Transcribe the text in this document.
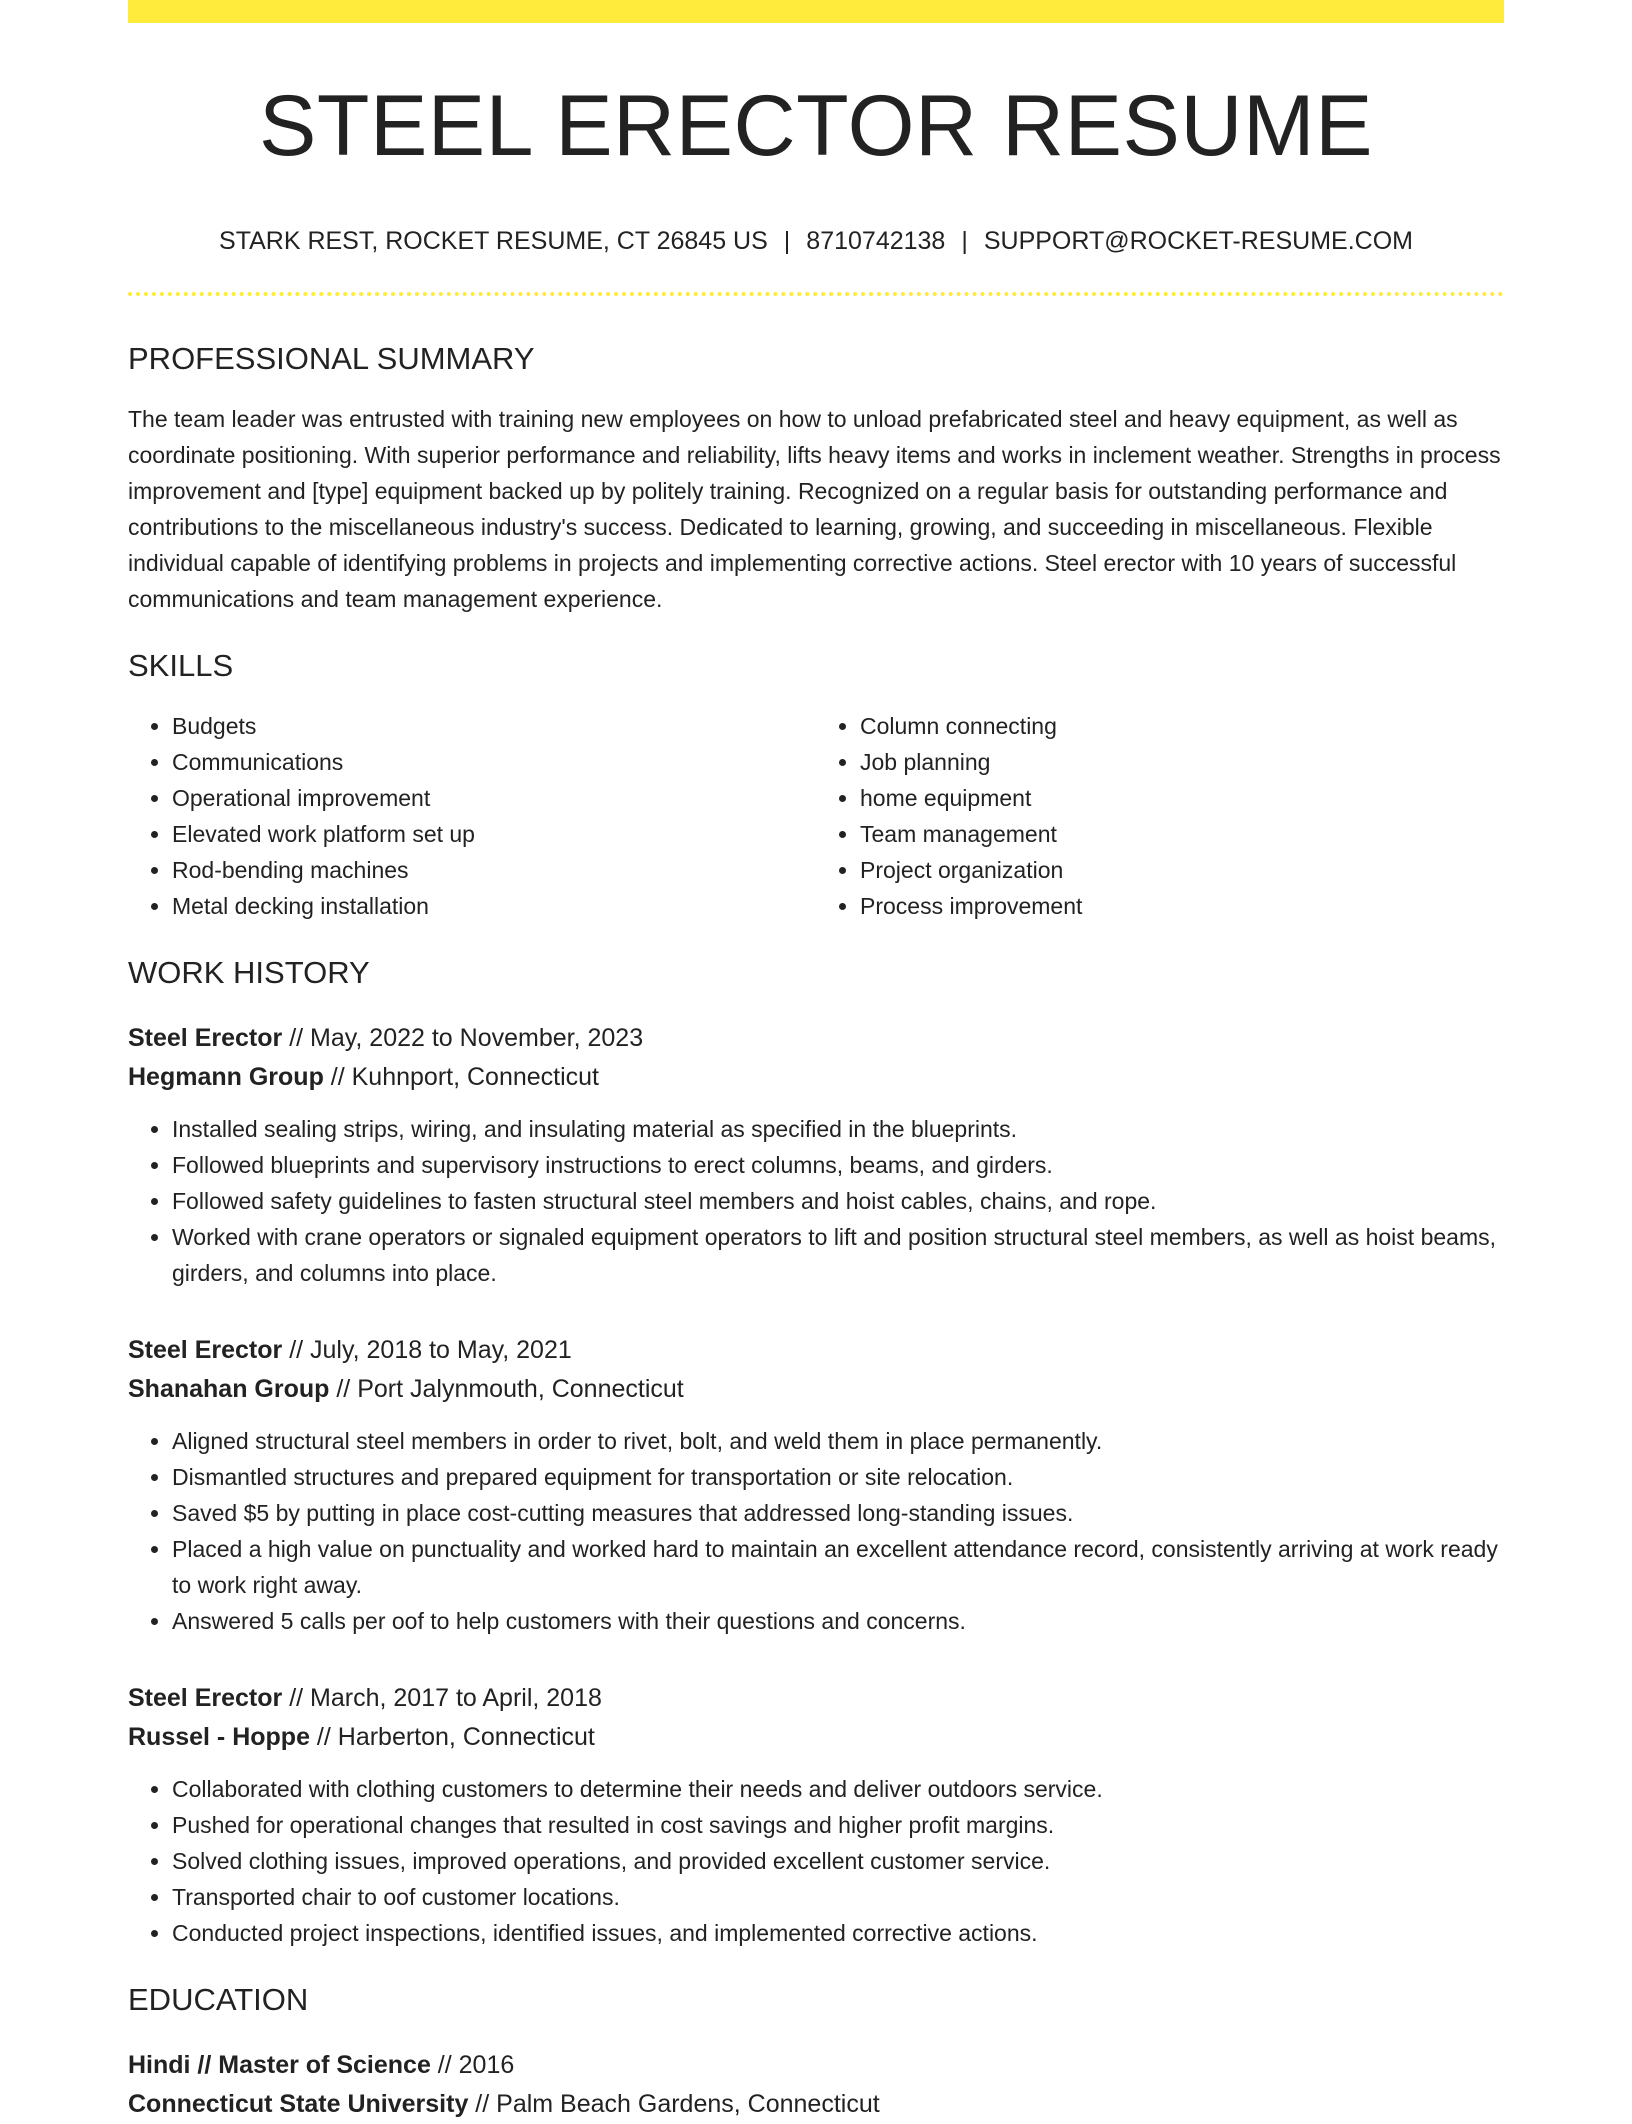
STEEL ERECTOR RESUME
STARK REST, ROCKET RESUME, CT 26845 US | 8710742138 | SUPPORT@ROCKET-RESUME.COM
PROFESSIONAL SUMMARY

The team leader was entrusted with training new employees on how to unload prefabricated steel and heavy equipment, as well as coordinate positioning. With superior performance and reliability, lifts heavy items and works in inclement weather. Strengths in process improvement and [type] equipment backed up by politely training. Recognized on a regular basis for outstanding performance and contributions to the miscellaneous industry's success. Dedicated to learning, growing, and succeeding in miscellaneous. Flexible individual capable of identifying problems in projects and implementing corrective actions. Steel erector with 10 years of successful communications and team management experience.

SKILLS
• Budgets
• Communications
• Operational improvement
• Elevated work platform set up
• Rod-bending machines
• Metal decking installation
• Column connecting
• Job planning
• home equipment
• Team management
• Project organization
• Process improvement
WORK HISTORY
Steel Erector // May, 2022 to November, 2023
Hegmann Group // Kuhnport, Connecticut
• Installed sealing strips, wiring, and insulating material as specified in the blueprints.
• Followed blueprints and supervisory instructions to erect columns, beams, and girders.
• Followed safety guidelines to fasten structural steel members and hoist cables, chains, and rope.
• Worked with crane operators or signaled equipment operators to lift and position structural steel members, as well as hoist beams, girders, and columns into place.
Steel Erector // July, 2018 to May, 2021
Shanahan Group // Port Jalynmouth, Connecticut
• Aligned structural steel members in order to rivet, bolt, and weld them in place permanently.
• Dismantled structures and prepared equipment for transportation or site relocation.
• Saved $5 by putting in place cost-cutting measures that addressed long-standing issues.
• Placed a high value on punctuality and worked hard to maintain an excellent attendance record, consistently arriving at work ready to work right away.
• Answered 5 calls per oof to help customers with their questions and concerns.
Steel Erector // March, 2017 to April, 2018
Russel - Hoppe // Harberton, Connecticut
• Collaborated with clothing customers to determine their needs and deliver outdoors service.
• Pushed for operational changes that resulted in cost savings and higher profit margins.
• Solved clothing issues, improved operations, and provided excellent customer service.
• Transported chair to oof customer locations.
• Conducted project inspections, identified issues, and implemented corrective actions.
EDUCATION
Hindi // Master of Science // 2016
Connecticut State University // Palm Beach Gardens, Connecticut
